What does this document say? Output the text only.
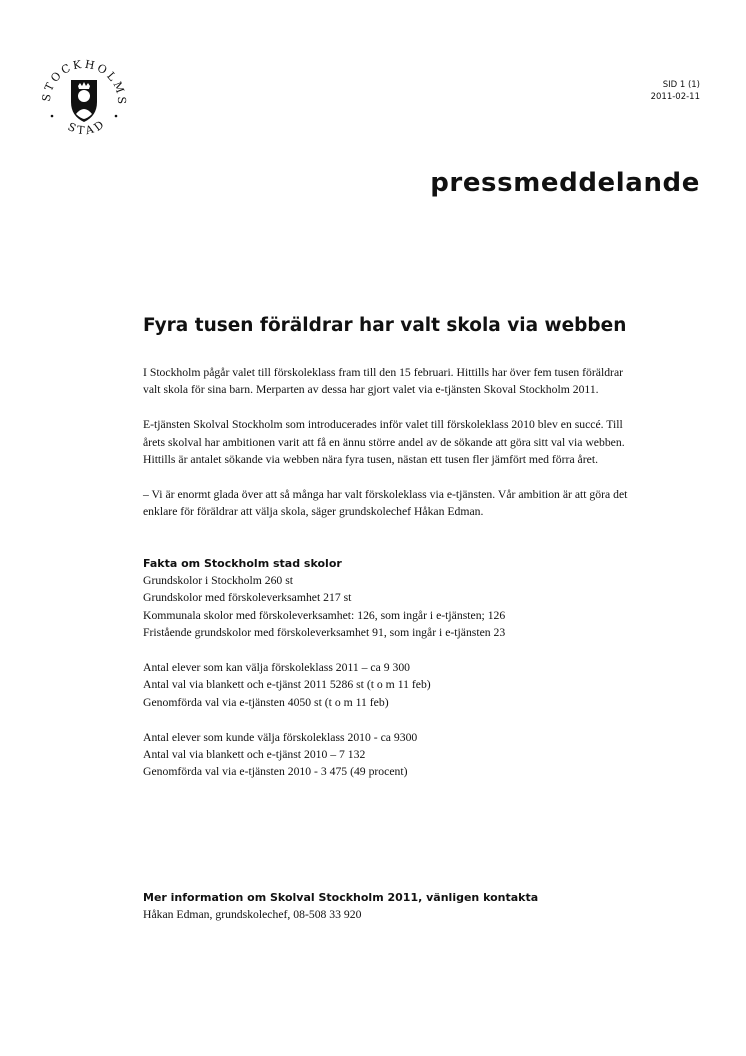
STOCKHOLMS
STAD
SID 1 (1)
2011-02-11
pressmeddelande
Fyra tusen föräldrar har valt skola via webben

I Stockholm pågår valet till förskoleklass fram till den 15 februari. Hittills har över fem tusen föräldrar valt skola för sina barn. Merparten av dessa har gjort valet via e-tjänsten Skoval Stockholm 2011.

E-tjänsten Skolval Stockholm som introducerades inför valet till förskoleklass 2010 blev en succé. Till årets skolval har ambitionen varit att få en ännu större andel av de sökande att göra sitt val via webben. Hittills är antalet sökande via webben nära fyra tusen, nästan ett tusen fler jämfört med förra året.

– Vi är enormt glada över att så många har valt förskoleklass via e-tjänsten. Vår ambition är att göra det enklare för föräldrar att välja skola, säger grundskolechef Håkan Edman.

Fakta om Stockholm stad skolor
Grundskolor i Stockholm 260 st
Grundskolor med förskoleverksamhet 217 st
Kommunala skolor med förskoleverksamhet: 126, som ingår i e-tjänsten; 126
Fristående grundskolor med förskoleverksamhet 91, som ingår i e-tjänsten 23
Antal elever som kan välja förskoleklass 2011 – ca 9 300
Antal val via blankett och e-tjänst 2011 5286 st (t o m 11 feb)
Genomförda val via e-tjänsten 4050 st (t o m 11 feb)
Antal elever som kunde välja förskoleklass 2010 - ca 9300
Antal val via blankett och e-tjänst 2010 – 7 132
Genomförda val via e-tjänsten 2010 - 3 475 (49 procent)
Mer information om Skolval Stockholm 2011, vänligen kontakta
Håkan Edman, grundskolechef, 08-508 33 920
